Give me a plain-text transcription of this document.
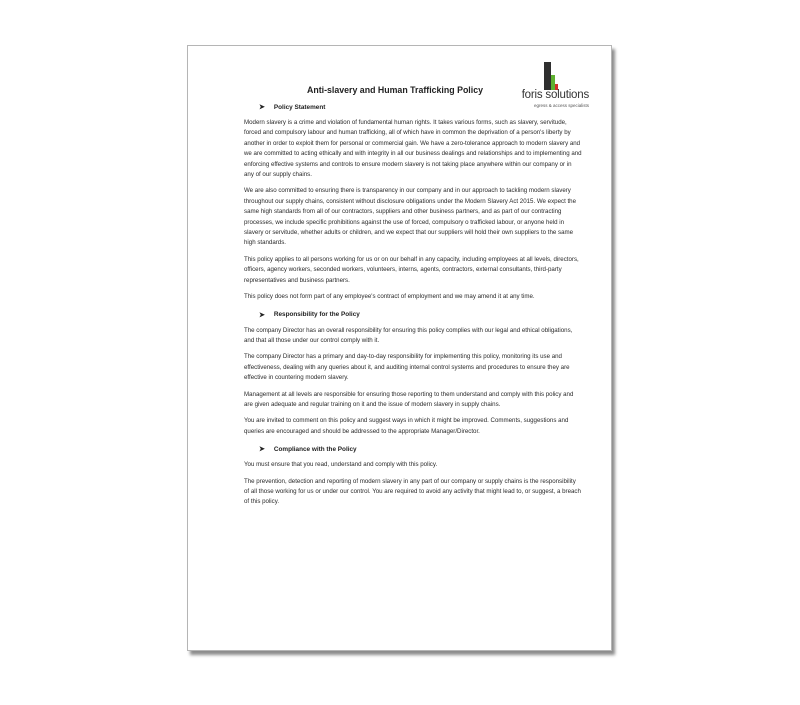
foris solutions
egress & access specialists
Anti-slavery and Human Trafficking Policy
➤ Policy Statement

Modern slavery is a crime and violation of fundamental human rights. It takes various forms, such as slavery, servitude, forced and compulsory labour and human trafficking, all of which have in common the deprivation of a person's liberty by another in order to exploit them for personal or commercial gain. We have a zero-tolerance approach to modern slavery and we are committed to acting ethically and with integrity in all our business dealings and relationships and to implementing and enforcing effective systems and controls to ensure modern slavery is not taking place anywhere within our company or in any of our supply chains.

We are also committed to ensuring there is transparency in our company and in our approach to tackling modern slavery throughout our supply chains, consistent without disclosure obligations under the Modern Slavery Act 2015. We expect the same high standards from all of our contractors, suppliers and other business partners, and as part of our contracting processes, we include specific prohibitions against the use of forced, compulsory o trafficked labour, or anyone held in slavery or servitude, whether adults or children, and we expect that our suppliers will hold their own suppliers to the same high standards.

This policy applies to all persons working for us or on our behalf in any capacity, including employees at all levels, directors, officers, agency workers, seconded workers, volunteers, interns, agents, contractors, external consultants, third-party representatives and business partners.

This policy does not form part of any employee's contract of employment and we may amend it at any time.

➤ Responsibility for the Policy

The company Director has an overall responsibility for ensuring this policy complies with our legal and ethical obligations, and that all those under our control comply with it.

The company Director has a primary and day-to-day responsibility for implementing this policy, monitoring its use and effectiveness, dealing with any queries about it, and auditing internal control systems and procedures to ensure they are effective in countering modern slavery.

Management at all levels are responsible for ensuring those reporting to them understand and comply with this policy and are given adequate and regular training on it and the issue of modern slavery in supply chains.

You are invited to comment on this policy and suggest ways in which it might be improved. Comments, suggestions and queries are encouraged and should be addressed to the appropriate Manager/Director.

➤ Compliance with the Policy

You must ensure that you read, understand and comply with this policy.

The prevention, detection and reporting of modern slavery in any part of our company or supply chains is the responsibility of all those working for us or under our control. You are required to avoid any activity that might lead to, or suggest, a breach of this policy.
